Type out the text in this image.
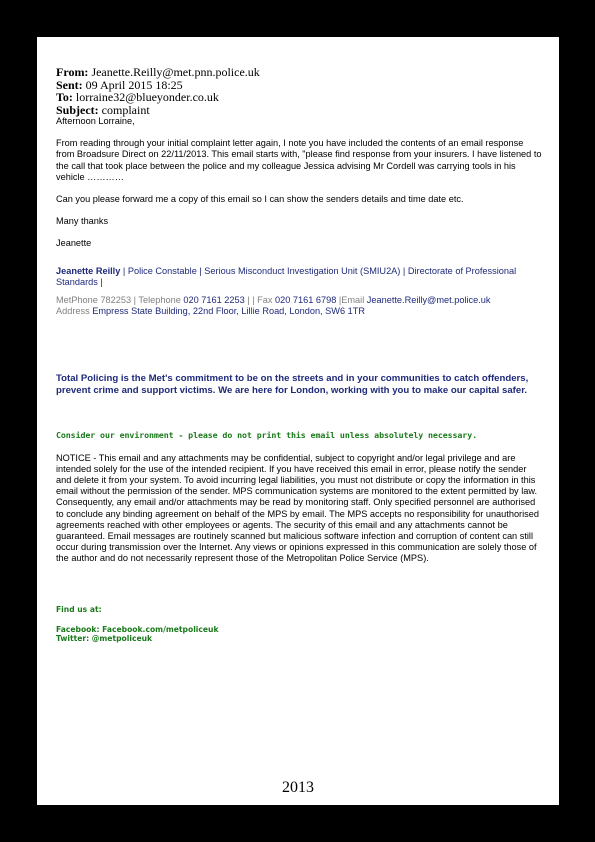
From: Jeanette.Reilly@met.pnn.police.uk
Sent: 09 April 2015 18:25
To: lorraine32@blueyonder.co.uk
Subject: complaint

Afternoon Lorraine,

From reading through your initial complaint letter again, I note you have included the contents of an email response from Broadsure Direct on 22/11/2013. This email starts with, "please find response from your insurers. I have listened to the call that took place between the police and my colleague Jessica advising Mr Cordell was carrying tools in his vehicle …………

Can you please forward me a copy of this email so I can show the senders details and time date etc.

Many thanks

Jeanette

Jeanette Reilly | Police Constable | Serious Misconduct Investigation Unit (SMIU2A) | Directorate of Professional Standards |

MetPhone 782253 | Telephone 020 7161 2253 | | Fax 020 7161 6798 |Email Jeanette.Reilly@met.police.uk

Address Empress State Building, 22nd Floor, Lillie Road, London, SW6 1TR

Total Policing is the Met's commitment to be on the streets and in your communities to catch offenders, prevent crime and support victims. We are here for London, working with you to make our capital safer.

Consider our environment - please do not print this email unless absolutely necessary.

NOTICE - This email and any attachments may be confidential, subject to copyright and/or legal privilege and are intended solely for the use of the intended recipient. If you have received this email in error, please notify the sender and delete it from your system. To avoid incurring legal liabilities, you must not distribute or copy the information in this email without the permission of the sender. MPS communication systems are monitored to the extent permitted by law. Consequently, any email and/or attachments may be read by monitoring staff. Only specified personnel are authorised to conclude any binding agreement on behalf of the MPS by email. The MPS accepts no responsibility for unauthorised agreements reached with other employees or agents. The security of this email and any attachments cannot be guaranteed. Email messages are routinely scanned but malicious software infection and corruption of content can still occur during transmission over the Internet. Any views or opinions expressed in this communication are solely those of the author and do not necessarily represent those of the Metropolitan Police Service (MPS).

Find us at:

Facebook: Facebook.com/metpoliceuk

Twitter: @metpoliceuk

2013
